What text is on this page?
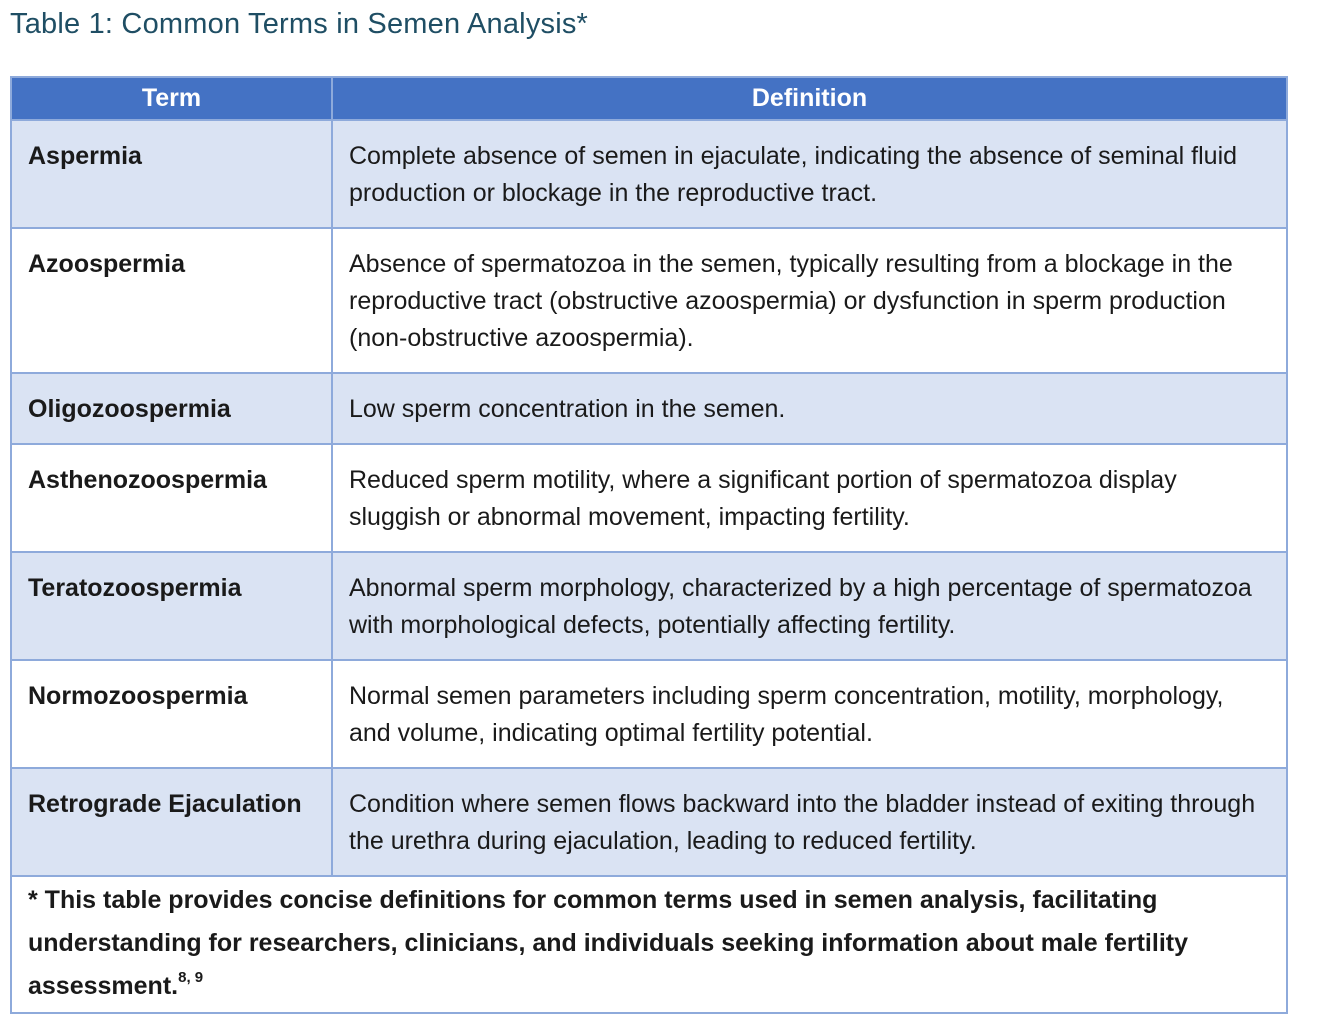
Table 1: Common Terms in Semen Analysis*
Term	Definition
Aspermia	Complete absence of semen in ejaculate, indicating the absence of seminal fluid production or blockage in the reproductive tract.
Azoospermia	Absence of spermatozoa in the semen, typically resulting from a blockage in the reproductive tract (obstructive azoospermia) or dysfunction in sperm production (non-obstructive azoospermia).
Oligozoospermia	Low sperm concentration in the semen.
Asthenozoospermia	Reduced sperm motility, where a significant portion of spermatozoa display sluggish or abnormal movement, impacting fertility.
Teratozoospermia	Abnormal sperm morphology, characterized by a high percentage of spermatozoa with morphological defects, potentially affecting fertility.
Normozoospermia	Normal semen parameters including sperm concentration, motility, morphology, and volume, indicating optimal fertility potential.
Retrograde Ejaculation	Condition where semen flows backward into the bladder instead of exiting through the urethra during ejaculation, leading to reduced fertility.
* This table provides concise definitions for common terms used in semen analysis, facilitating understanding for researchers, clinicians, and individuals seeking information about male fertility assessment.$^{8, 9}$
